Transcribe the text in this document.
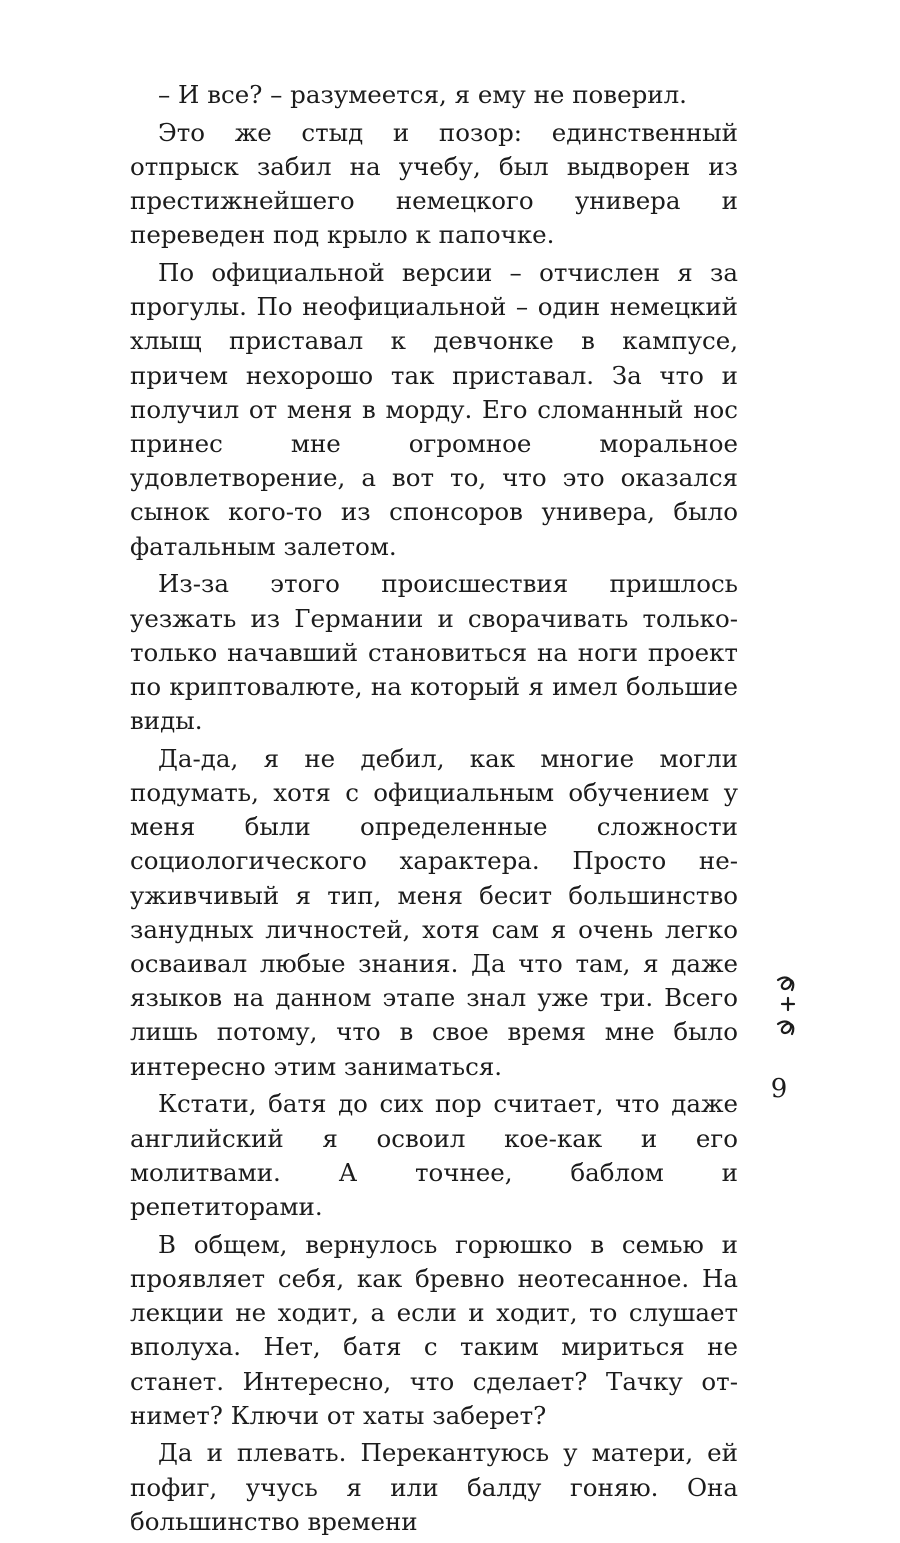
– И все? – разумеется, я ему не поверил.

Это же стыд и позор: единственный отпрыск забил на учебу, был выдворен из престижнейшего немецкого универа и переведен под крыло к папочке.

По официальной версии – отчислен я за прогулы. По неофициальной – один немецкий хлыщ приставал к девчонке в кампусе, причем нехорошо так приставал. За что и получил от меня в морду. Его сломанный нос принес мне огромное моральное удовлетворение, а вот то, что это оказался сынок кого-то из спонсоров универа, было фатальным залетом.

Из-за этого происшествия пришлось уезжать из Германии и сворачивать только-только начавший становиться на ноги проект по криптовалюте, на который я имел большие виды.

Да-да, я не дебил, как многие могли подумать, хотя с официальным обучением у меня были определенные сложности социологического характера. Просто неуживчивый я тип, меня бесит большинство занудных личностей, хотя сам я очень легко осваивал любые знания. Да что там, я даже языков на данном этапе знал уже три. Всего лишь потому, что в свое время мне было интересно этим заниматься.

Кстати, батя до сих пор считает, что даже английский я освоил кое-как и его молитвами. А точнее, баблом и репетиторами.

В общем, вернулось горюшко в семью и проявляет себя, как бревно неотесанное. На лекции не ходит, а если и ходит, то слушает вполуха. Нет, батя с таким мириться не станет. Интересно, что сделает? Тачку отнимет? Ключи от хаты заберет?

Да и плевать. Перекантуюсь у матери, ей пофиг, учусь я или балду гоняю. Она большинство времени

9
